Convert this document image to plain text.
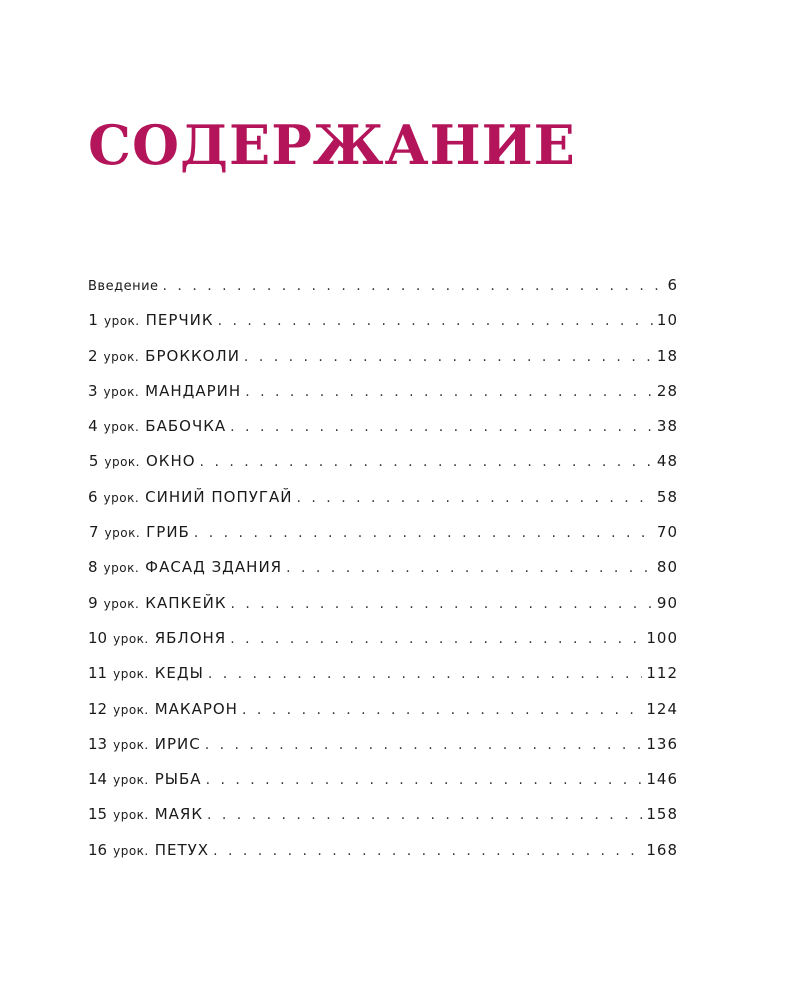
СОДЕРЖАНИЕ
Введение . . .	6
1 урок. ПЕРЧИК . . .	10
2 урок. БРОККОЛИ . . .	18
3 урок. МАНДАРИН . . .	28
4 урок. БАБОЧКА . . .	38
5 урок. ОКНО . . .	48
6 урок. СИНИЙ ПОПУГАЙ . . .	58
7 урок. ГРИБ . . .	70
8 урок. ФАСАД ЗДАНИЯ . . .	80
9 урок. КАПКЕЙК . . .	90
10 урок. ЯБЛОНЯ . . .	100
11 урок. КЕДЫ . . .	112
12 урок. МАКАРОН . . .	124
13 урок. ИРИС . . .	136
14 урок. РЫБА . . .	146
15 урок. МАЯК . . .	158
16 урок. ПЕТУХ . . .	168
